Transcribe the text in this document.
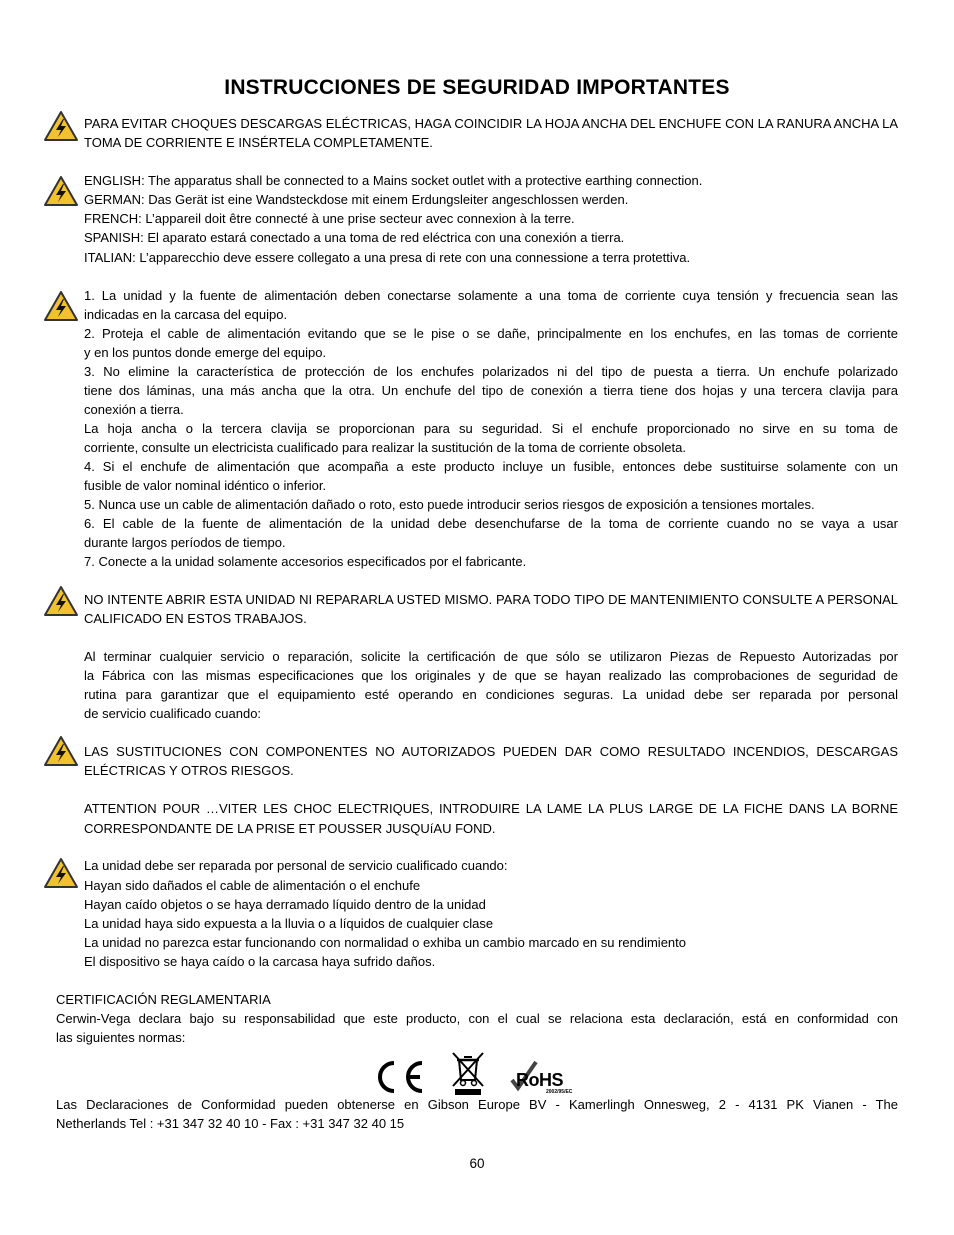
INSTRUCCIONES DE SEGURIDAD IMPORTANTES
PARA EVITAR CHOQUES DESCARGAS ELÉCTRICAS, HAGA COINCIDIR LA HOJA ANCHA DEL ENCHUFE CON LA RANURA ANCHA LA
TOMA DE CORRIENTE E INSÉRTELA COMPLETAMENTE.
ENGLISH: The apparatus shall be connected to a Mains socket outlet with a protective earthing connection.
GERMAN: Das Gerät ist eine Wandsteckdose mit einem Erdungsleiter angeschlossen werden.
FRENCH: L’appareil doit être connecté à une prise secteur avec connexion à la terre.
SPANISH: El aparato estará conectado a una toma de red eléctrica con una conexión a tierra.
ITALIAN: L’apparecchio deve essere collegato a una presa di rete con una connessione a terra protettiva.
1. La unidad y la fuente de alimentación deben conectarse solamente a una toma de corriente cuya tensión y frecuencia sean las
indicadas en la carcasa del equipo.
2. Proteja el cable de alimentación evitando que se le pise o se dañe, principalmente en los enchufes, en las tomas de corriente
y en los puntos donde emerge del equipo.
3. No elimine la característica de protección de los enchufes polarizados ni del tipo de puesta a tierra. Un enchufe polarizado
tiene dos láminas, una más ancha que la otra. Un enchufe del tipo de conexión a tierra tiene dos hojas y una tercera clavija para
conexión a tierra.
La hoja ancha o la tercera clavija se proporcionan para su seguridad. Si el enchufe proporcionado no sirve en su toma de
corriente, consulte un electricista cualificado para realizar la sustitución de la toma de corriente obsoleta.
4. Si el enchufe de alimentación que acompaña a este producto incluye un fusible, entonces debe sustituirse solamente con un
fusible de valor nominal idéntico o inferior.
5. Nunca use un cable de alimentación dañado o roto, esto puede introducir serios riesgos de exposición a tensiones mortales.
6. El cable de la fuente de alimentación de la unidad debe desenchufarse de la toma de corriente cuando no se vaya a usar
durante largos períodos de tiempo.
7. Conecte a la unidad solamente accesorios especificados por el fabricante.
NO INTENTE ABRIR ESTA UNIDAD NI REPARARLA USTED MISMO. PARA TODO TIPO DE MANTENIMIENTO CONSULTE A PERSONAL
CALIFICADO EN ESTOS TRABAJOS.
Al terminar cualquier servicio o reparación, solicite la certificación de que sólo se utilizaron Piezas de Repuesto Autorizadas por
la Fábrica con las mismas especificaciones que los originales y de que se hayan realizado las comprobaciones de seguridad de
rutina para garantizar que el equipamiento esté operando en condiciones seguras. La unidad debe ser reparada por personal
de servicio cualificado cuando:
LAS SUSTITUCIONES CON COMPONENTES NO AUTORIZADOS PUEDEN DAR COMO RESULTADO INCENDIOS, DESCARGAS
ELÉCTRICAS Y OTROS RIESGOS.
ATTENTION POUR …VITER LES CHOC ELECTRIQUES, INTRODUIRE LA LAME LA PLUS LARGE DE LA FICHE DANS LA BORNE
CORRESPONDANTE DE LA PRISE ET POUSSER JUSQUíAU FOND.
La unidad debe ser reparada por personal de servicio cualificado cuando:
Hayan sido dañados el cable de alimentación o el enchufe
Hayan caído objetos o se haya derramado líquido dentro de la unidad
La unidad haya sido expuesta a la lluvia o a líquidos de cualquier clase
La unidad no parezca estar funcionando con normalidad o exhiba un cambio marcado en su rendimiento
El dispositivo se haya caído o la carcasa haya sufrido daños.
CERTIFICACIÓN REGLAMENTARIA
Cerwin-Vega declara bajo su responsabilidad que este producto, con el cual se relaciona esta declaración, está en conformidad con
las siguientes normas:
Las Declaraciones de Conformidad pueden obtenerse en Gibson Europe BV - Kamerlingh Onnesweg, 2 - 4131 PK Vianen - The
Netherlands Tel : +31 347 32 40 10 - Fax : +31 347 32 40 15
RoHS
2002/95/EC
60
